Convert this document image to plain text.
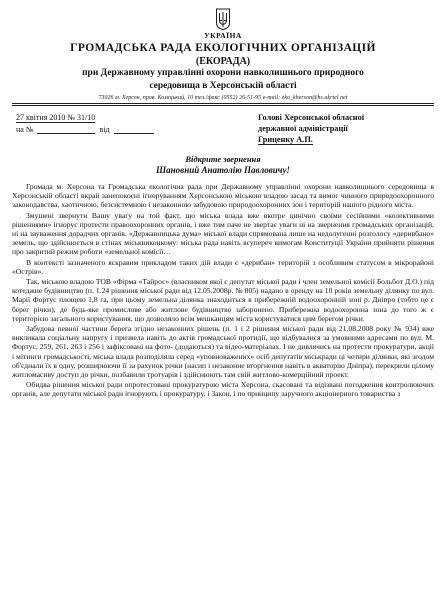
УКРАЇНА
ГРОМАДСЬКА РАДА ЕКОЛОГІЧНИХ ОРГАНІЗАЦІЙ
(ЕКОРАДА)
при Державному управлінні охорони навколишнього природного
середовища в Херсонській області
73026 м. Херсон, пров. Козацький, 10 тел./факс (0552) 26-51-95 e-mail: eko_kherson@hs.ukrtel.net
27 квітня 2010 № 31/10
на №	від
Голові Херсонської обласної
державної адміністрації
Гриценку А.П.
Відкрите звернення
Шановний Анатолію Павловичу!

Громада м. Херсона та Громадська екологічна рада при Державному управлінні охорони навколишнього середовища в Херсонській області вкрай занепокоєні ігноруванням Херсонською міською владою засад та вимог чинного природоохоронного законодавства, хаотичною, безсистемною і незаконною забудовою природоохоронних зон і територій нашого рідного міста.

Змушені звернути Вашу увагу на той факт, що міська влада вже вкотре цинічно своїми сесійними «колективними рішеннями» ігнорує протести правоохоронних органів, і вже тим паче не звертає уваги ні на звернення громадських організацій, ні на зауваження дорадчих органів. «Державницька дума» міської влади спрямована лише на недолугенні розголосу «деривбано» земель, що здійснюється в стінах міськвиконкому: міська рада навіть всупереч вимогам Конституції України прийняти рішення про закритий режим роботи «земельної комісії…

В контексті зазначеного яскравим прикладом таких дій влади є «дерибан» територій з особливим статусом в мікрорайоні «Острів».

Так, міською владою ТОВ «Фірма «Тайрос» (власником якої є депутат міської ради і член земельної комісії Больбот Д.О.) під котеджне будівництво (п. 1.24 рішення міської ради від 12.05.2008р. № 805) надано в оренду на 10 років земельну ділянку по вул. Марії Фортус площею 1,8 га, при цьому земельна ділянка знаходиться в прибережній водоохоронній зоні р. Дніпро (тобто це є берег річки), де будь-яке промислове або житлове будівництво заборонено. Прибережна водоохоронна зона до того ж є територією загального користування, що дозволяло всім мешканцям міста користуватися цим берегом річки.

Забудова певної частини берега згідно незаконних рішень (п. 1 і 2 рішення міської ради від 21.08.2008 року № 934) вже викликала соціальну напругу і призвела навіть до актів громадської протидії, що відбувалися за умовними адресами по вул. М. Фортус, 259, 261, 263 і 256 і зафіксовані на фото- (додаються) та відео-матеріалах. І не дивлячись на протести прокуратури, акції і мітинги громадськості, міська влада розподіляла серед «уповноважених» осіб депутатів міськради ці чотири ділянки, які згодом об'єднали їх в одну, розширюючи її за рахунок річки (насип і незаконне вторгнення навіть в акваторію Дніпра), перекрили цілому житломасиву доступ до річки, позбавили тротуарів і здійснюють там свій житлово-комерційний проект.

Обидва рішення міської ради опротестовані прокуратурою міста Херсона, скасовані та відізвані погодження контролюючих органів, але депутати міської ради ігнорують і прокуратуру, і Закон, і по принципу заручного акціонерного товариства з
